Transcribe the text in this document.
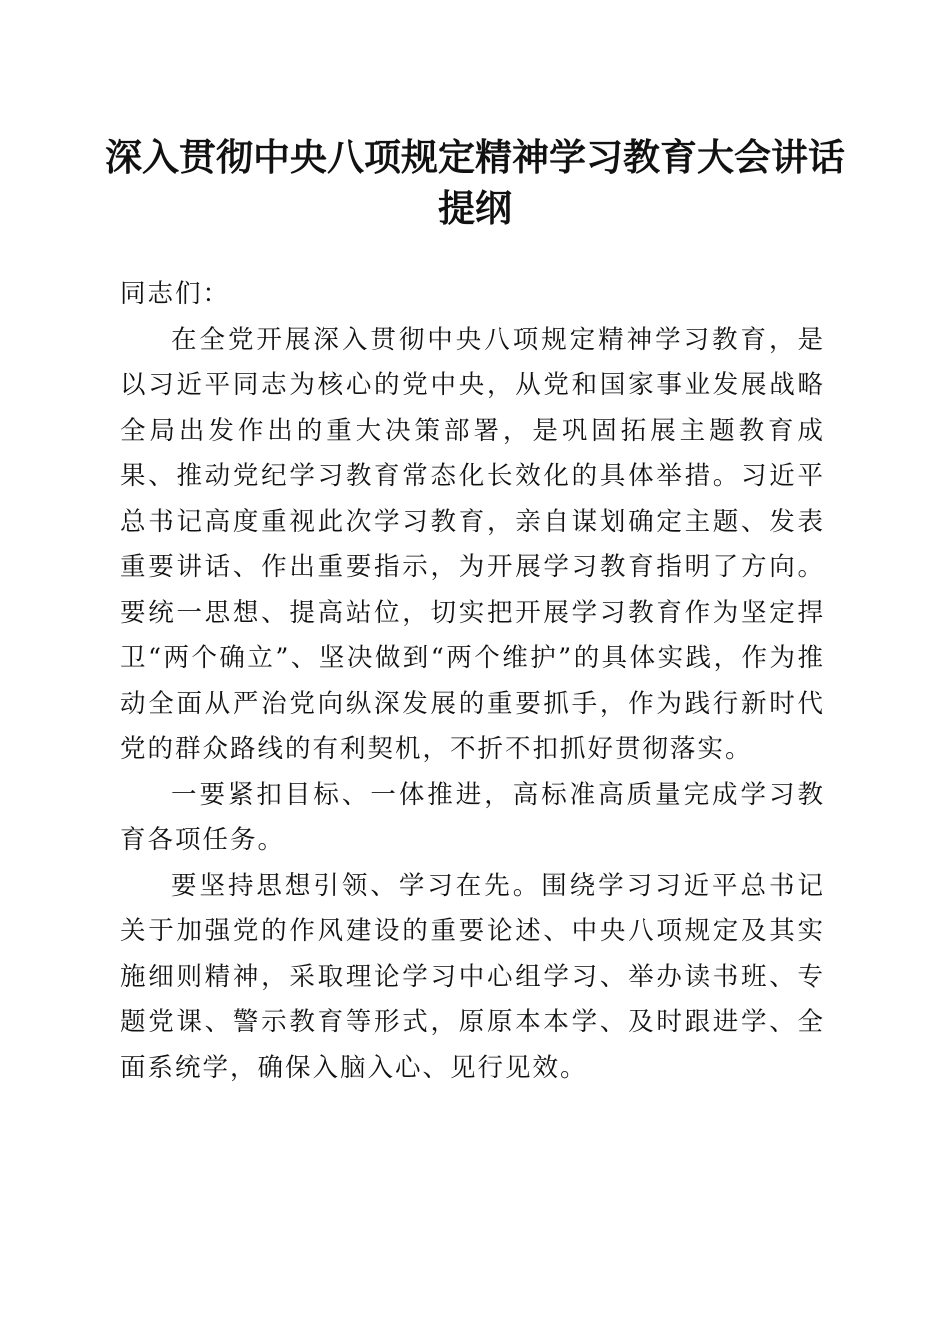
深入贯彻中央八项规定精神学习教育大会讲话
提纲

同志们：

在全党开展深入贯彻中央八项规定精神学习教育，是以习近平同志为核心的党中央，从党和国家事业发展战略全局出发作出的重大决策部署，是巩固拓展主题教育成果、推动党纪学习教育常态化长效化的具体举措。习近平总书记高度重视此次学习教育，亲自谋划确定主题、发表重要讲话、作出重要指示，为开展学习教育指明了方向。要统一思想、提高站位，切实把开展学习教育作为坚定捍卫“两个确立”、坚决做到“两个维护”的具体实践，作为推动全面从严治党向纵深发展的重要抓手，作为践行新时代党的群众路线的有利契机，不折不扣抓好贯彻落实。

一要紧扣目标、一体推进，高标准高质量完成学习教育各项任务。

要坚持思想引领、学习在先。围绕学习习近平总书记关于加强党的作风建设的重要论述、中央八项规定及其实施细则精神，采取理论学习中心组学习、举办读书班、专题党课、警示教育等形式，原原本本学、及时跟进学、全面系统学，确保入脑入心、见行见效。
